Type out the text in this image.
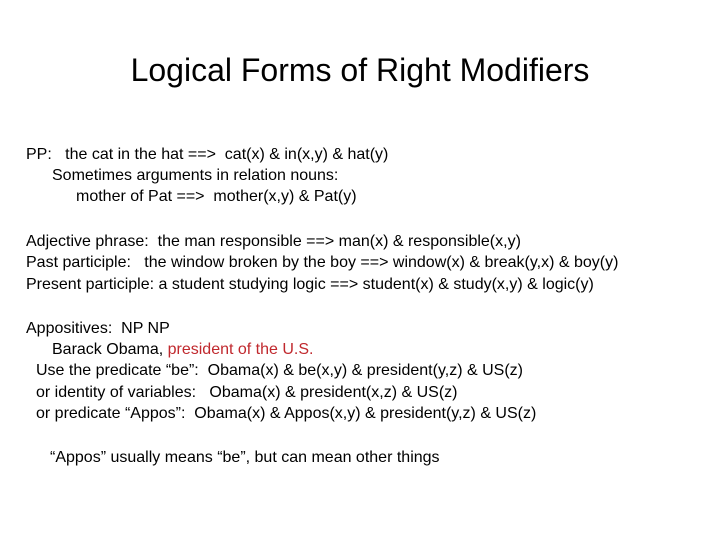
Logical Forms of Right Modifiers
PP:   the cat in the hat ==>  cat(x) & in(x,y) & hat(y)
Sometimes arguments in relation nouns:
mother of Pat ==>  mother(x,y) & Pat(y)
Adjective phrase:  the man responsible ==> man(x) & responsible(x,y)
Past participle:   the window broken by the boy ==> window(x) & break(y,x) & boy(y)
Present participle: a student studying logic ==> student(x) & study(x,y) & logic(y)
Appositives:  NP NP
Barack Obama, president of the U.S.
Use the predicate “be”:  Obama(x) & be(x,y) & president(y,z) & US(z)
or identity of variables:   Obama(x) & president(x,z) & US(z)
or predicate “Appos”:  Obama(x) & Appos(x,y) & president(y,z) & US(z)
“Appos” usually means “be”, but can mean other things
